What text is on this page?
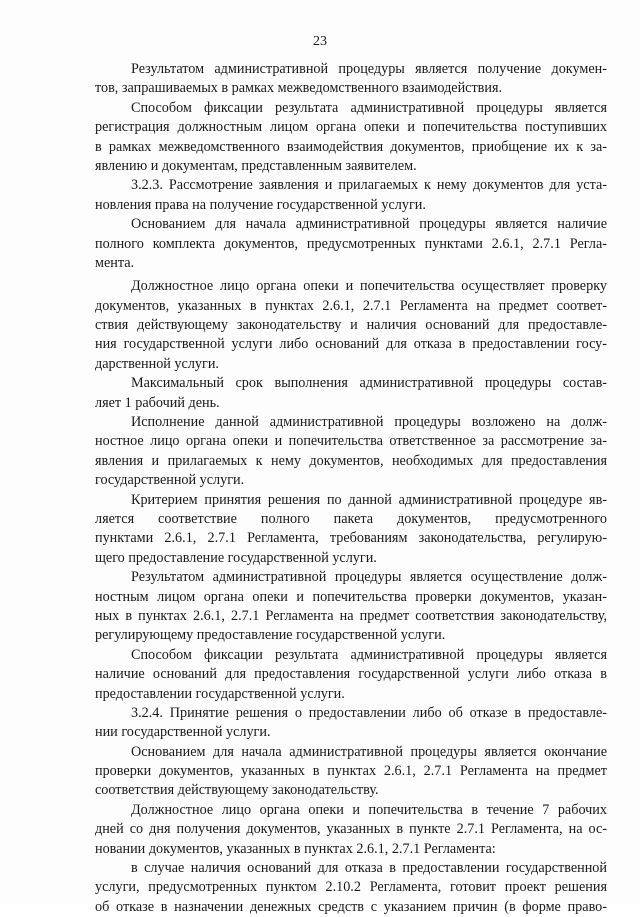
23
Результатом административной процедуры является получение докумен-
тов, запрашиваемых в рамках межведомственного взаимодействия.
Способом фиксации результата административной процедуры является
регистрация должностным лицом органа опеки и попечительства поступивших
в рамках межведомственного взаимодействия документов, приобщение их к за-
явлению и документам, представленным заявителем.
3.2.3. Рассмотрение заявления и прилагаемых к нему документов для уста-
новления права на получение государственной услуги.
Основанием для начала административной процедуры является наличие
полного комплекта документов, предусмотренных пунктами 2.6.1, 2.7.1 Регла-
мента.
Должностное лицо органа опеки и попечительства осуществляет проверку
документов, указанных в пунктах 2.6.1, 2.7.1 Регламента на предмет соответ-
ствия действующему законодательству и наличия оснований для предоставле-
ния государственной услуги либо оснований для отказа в предоставлении госу-
дарственной услуги.
Максимальный срок выполнения административной процедуры состав-
ляет 1 рабочий день.
Исполнение данной административной процедуры возложено на долж-
ностное лицо органа опеки и попечительства ответственное за рассмотрение за-
явления и прилагаемых к нему документов, необходимых для предоставления
государственной услуги.
Критерием принятия решения по данной административной процедуре яв-
ляется соответствие полного пакета документов, предусмотренного
пунктами 2.6.1, 2.7.1 Регламента, требованиям законодательства, регулирую-
щего предоставление государственной услуги.
Результатом административной процедуры является осуществление долж-
ностным лицом органа опеки и попечительства проверки документов, указан-
ных в пунктах 2.6.1, 2.7.1 Регламента на предмет соответствия законодательству,
регулирующему предоставление государственной услуги.
Способом фиксации результата административной процедуры является
наличие оснований для предоставления государственной услуги либо отказа в
предоставлении государственной услуги.
3.2.4. Принятие решения о предоставлении либо об отказе в предоставле-
нии государственной услуги.
Основанием для начала административной процедуры является окончание
проверки документов, указанных в пунктах 2.6.1, 2.7.1 Регламента на предмет
соответствия действующему законодательству.
Должностное лицо органа опеки и попечительства в течение 7 рабочих
дней со дня получения документов, указанных в пункте 2.7.1 Регламента, на ос-
новании документов, указанных в пунктах 2.6.1, 2.7.1 Регламента:
в случае наличия оснований для отказа в предоставлении государственной
услуги, предусмотренных пунктом 2.10.2 Регламента, готовит проект решения
об отказе в назначении денежных средств с указанием причин (в форме право-
